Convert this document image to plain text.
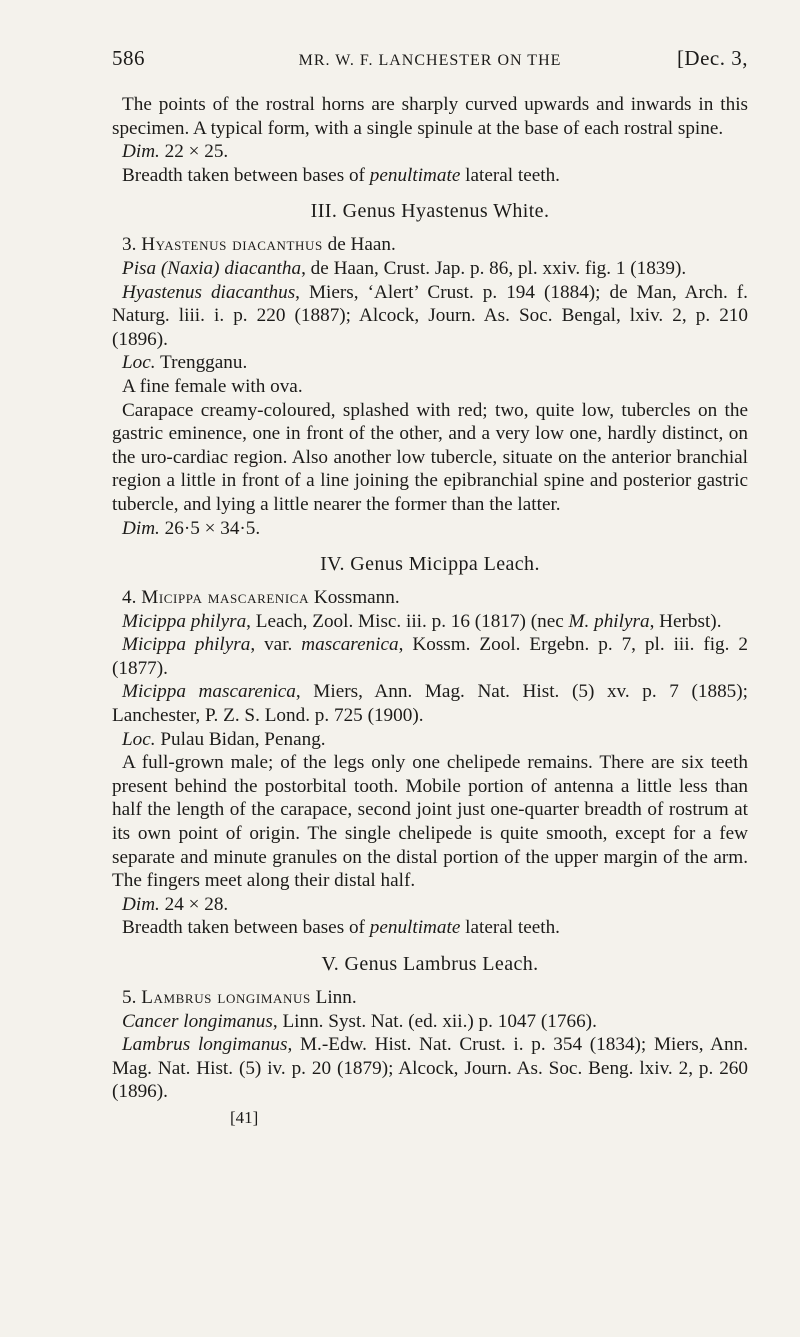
586	MR. W. F. LANCHESTER ON THE	[Dec. 3,

The points of the rostral horns are sharply curved upwards and inwards in this specimen. A typical form, with a single spinule at the base of each rostral spine.

Dim. 22 × 25.

Breadth taken between bases of penultimate lateral teeth.

III. Genus Hyastenus White.

3. Hyastenus diacanthus de Haan.

Pisa (Naxia) diacantha, de Haan, Crust. Jap. p. 86, pl. xxiv. fig. 1 (1839).

Hyastenus diacanthus, Miers, ‘Alert’ Crust. p. 194 (1884); de Man, Arch. f. Naturg. liii. i. p. 220 (1887); Alcock, Journ. As. Soc. Bengal, lxiv. 2, p. 210 (1896).

Loc. Trengganu.

A fine female with ova.

Carapace creamy-coloured, splashed with red; two, quite low, tubercles on the gastric eminence, one in front of the other, and a very low one, hardly distinct, on the uro-cardiac region. Also another low tubercle, situate on the anterior branchial region a little in front of a line joining the epibranchial spine and posterior gastric tubercle, and lying a little nearer the former than the latter.

Dim. 26·5 × 34·5.

IV. Genus Micippa Leach.

4. Micippa mascarenica Kossmann.

Micippa philyra, Leach, Zool. Misc. iii. p. 16 (1817) (nec M. philyra, Herbst).

Micippa philyra, var. mascarenica, Kossm. Zool. Ergebn. p. 7, pl. iii. fig. 2 (1877).

Micippa mascarenica, Miers, Ann. Mag. Nat. Hist. (5) xv. p. 7 (1885); Lanchester, P. Z. S. Lond. p. 725 (1900).

Loc. Pulau Bidan, Penang.

A full-grown male; of the legs only one chelipede remains. There are six teeth present behind the postorbital tooth. Mobile portion of antenna a little less than half the length of the carapace, second joint just one-quarter breadth of rostrum at its own point of origin. The single chelipede is quite smooth, except for a few separate and minute granules on the distal portion of the upper margin of the arm. The fingers meet along their distal half.

Dim. 24 × 28.

Breadth taken between bases of penultimate lateral teeth.

V. Genus Lambrus Leach.

5. Lambrus longimanus Linn.

Cancer longimanus, Linn. Syst. Nat. (ed. xii.) p. 1047 (1766).

Lambrus longimanus, M.-Edw. Hist. Nat. Crust. i. p. 354 (1834); Miers, Ann. Mag. Nat. Hist. (5) iv. p. 20 (1879); Alcock, Journ. As. Soc. Beng. lxiv. 2, p. 260 (1896).

[41]
